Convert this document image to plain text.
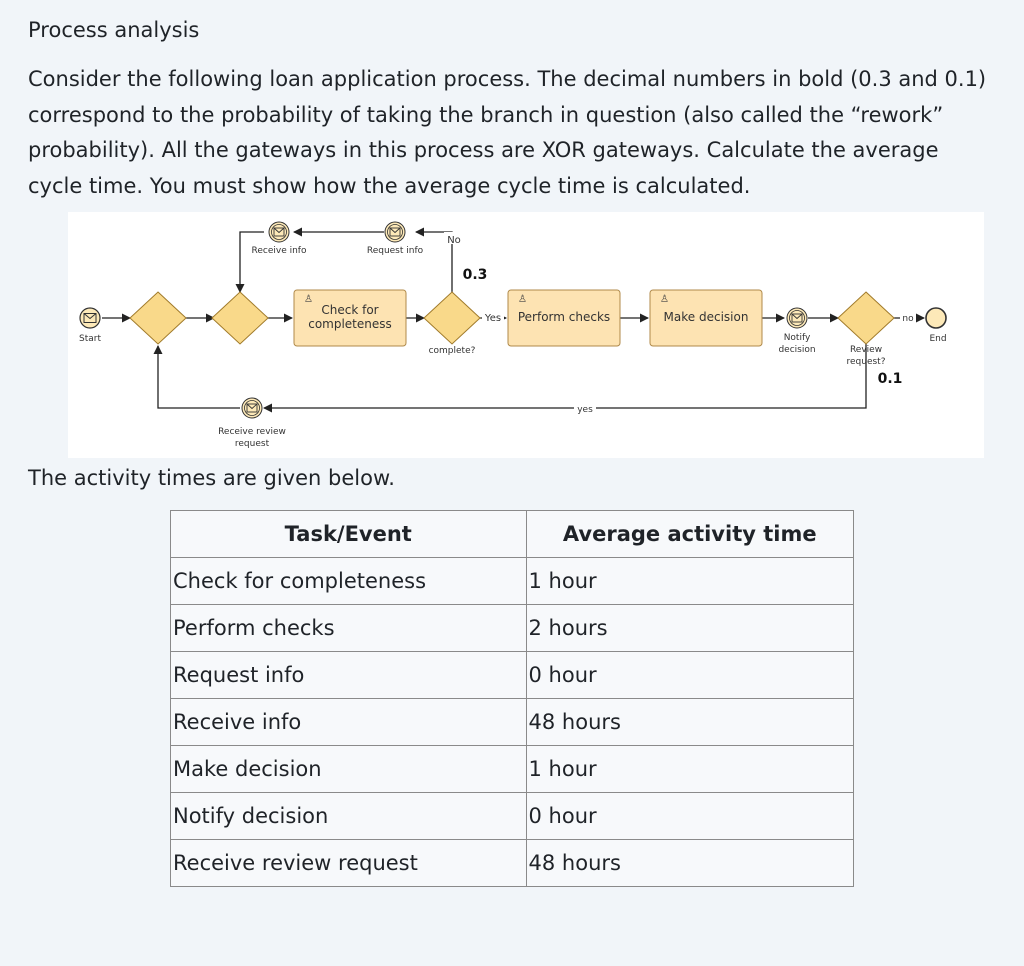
Process analysis

Consider the following loan application process. The decimal numbers in bold (0.3 and 0.1) correspond to the probability of taking the branch in question (also called the “rework” probability). All the gateways in this process are XOR gateways. Calculate the average cycle time. You must show how the average cycle time is calculated.

Start
Receive info	Request info
Notify
decision
Receive review
request
♙
Check for
completeness
♙
Perform checks
♙
Make decision
End
No
0.3
Yes
complete?	Review
request?
0.1
no
yes

The activity times are given below.

Task/Event	Average activity time
Check for completeness	1 hour
Perform checks	2 hours
Request info	0 hour
Receive info	48 hours
Make decision	1 hour
Notify decision	0 hour
Receive review request	48 hours
